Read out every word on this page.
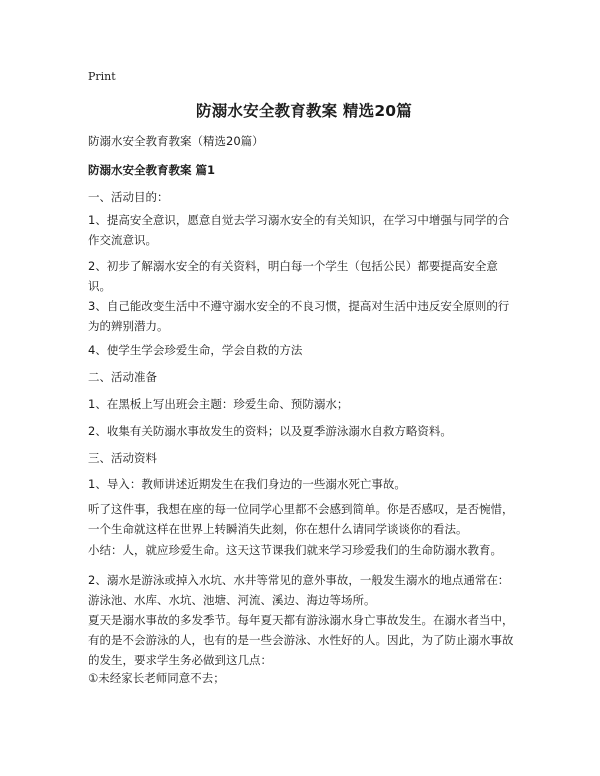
Print
防溺水安全教育教案 精选20篇
防溺水安全教育教案（精选20篇）
防溺水安全教育教案 篇1

一、活动目的：

1、提高安全意识，愿意自觉去学习溺水安全的有关知识，在学习中增强与同学的合作交流意识。

2、初步了解溺水安全的有关资料，明白每一个学生（包括公民）都要提高安全意识。

3、自己能改变生活中不遵守溺水安全的不良习惯，提高对生活中违反安全原则的行为的辨别潜力。

4、使学生学会珍爱生命，学会自救的方法

二、活动准备

1、在黑板上写出班会主题：珍爱生命、预防溺水；

2、收集有关防溺水事故发生的资料；以及夏季游泳溺水自救方略资料。

三、活动资料

1、导入：教师讲述近期发生在我们身边的一些溺水死亡事故。

听了这件事，我想在座的每一位同学心里都不会感到简单。你是否感叹，是否惋惜，一个生命就这样在世界上转瞬消失此刻，你在想什么请同学谈谈你的看法。

小结：人，就应珍爱生命。这天这节课我们就来学习珍爱我们的生命防溺水教育。

2、溺水是游泳或掉入水坑、水井等常见的意外事故，一般发生溺水的地点通常在：游泳池、水库、水坑、池塘、河流、溪边、海边等场所。

夏天是溺水事故的多发季节。每年夏天都有游泳溺水身亡事故发生。在溺水者当中，有的是不会游泳的人，也有的是一些会游泳、水性好的人。因此，为了防止溺水事故的发生，要求学生务必做到这几点：

①未经家长老师同意不去；
